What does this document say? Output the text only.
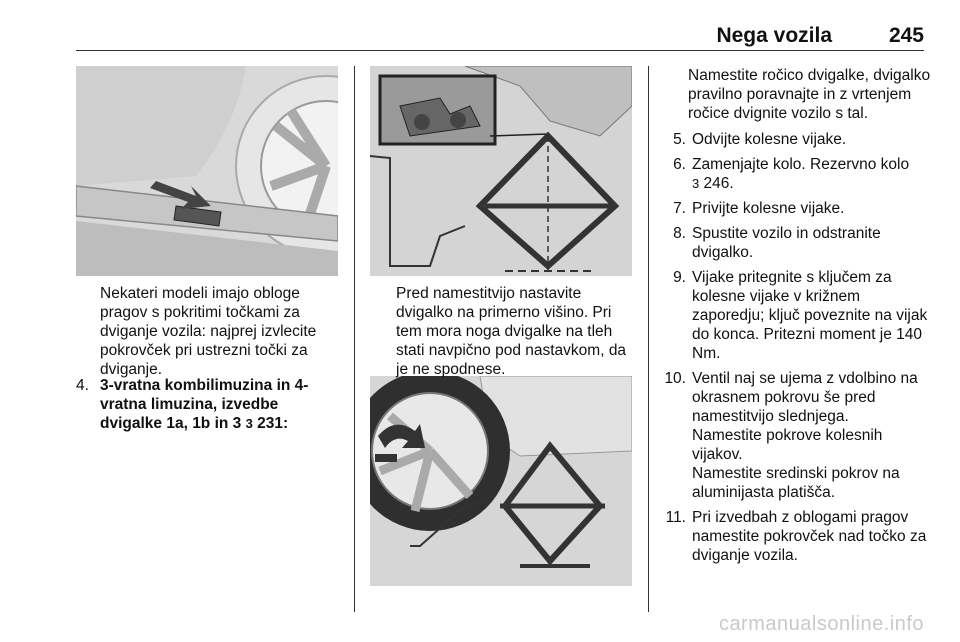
Nega vozila	245

Nekateri modeli imajo obloge pragov s pokritimi točkami za dviganje vozila: najprej izvlecite pokrovček pri ustrezni točki za dviganje.

4. 3-vratna kombilimuzina in 4-vratna limuzina, izvedbe dvigalke 1a, 1b in 3 3 231:

Pred namestitvijo nastavite dvigalko na primerno višino. Pri tem mora noga dvigalke na tleh stati navpično pod nastavkom, da je ne spodnese.

Namestite ročico dvigalke, dvigalko pravilno poravnajte in z vrtenjem ročice dvignite vozilo s tal.

5. Odvijte kolesne vijake.
6. Zamenjajte kolo. Rezervno kolo
3 246.
7. Privijte kolesne vijake.
8. Spustite vozilo in odstranite dvigalko.
9. Vijake pritegnite s ključem za kolesne vijake v križnem zaporedju; ključ poveznite na vijak do konca. Pritezni moment je 140 Nm.
10. Ventil naj se ujema z vdolbino na okrasnem pokrovu še pred namestitvijo slednjega.

Namestite pokrove kolesnih vijakov.

Namestite sredinski pokrov na aluminijasta platišča.

11. Pri izvedbah z oblogami pragov namestite pokrovček nad točko za dviganje vozila.
carmanualsonline.info
